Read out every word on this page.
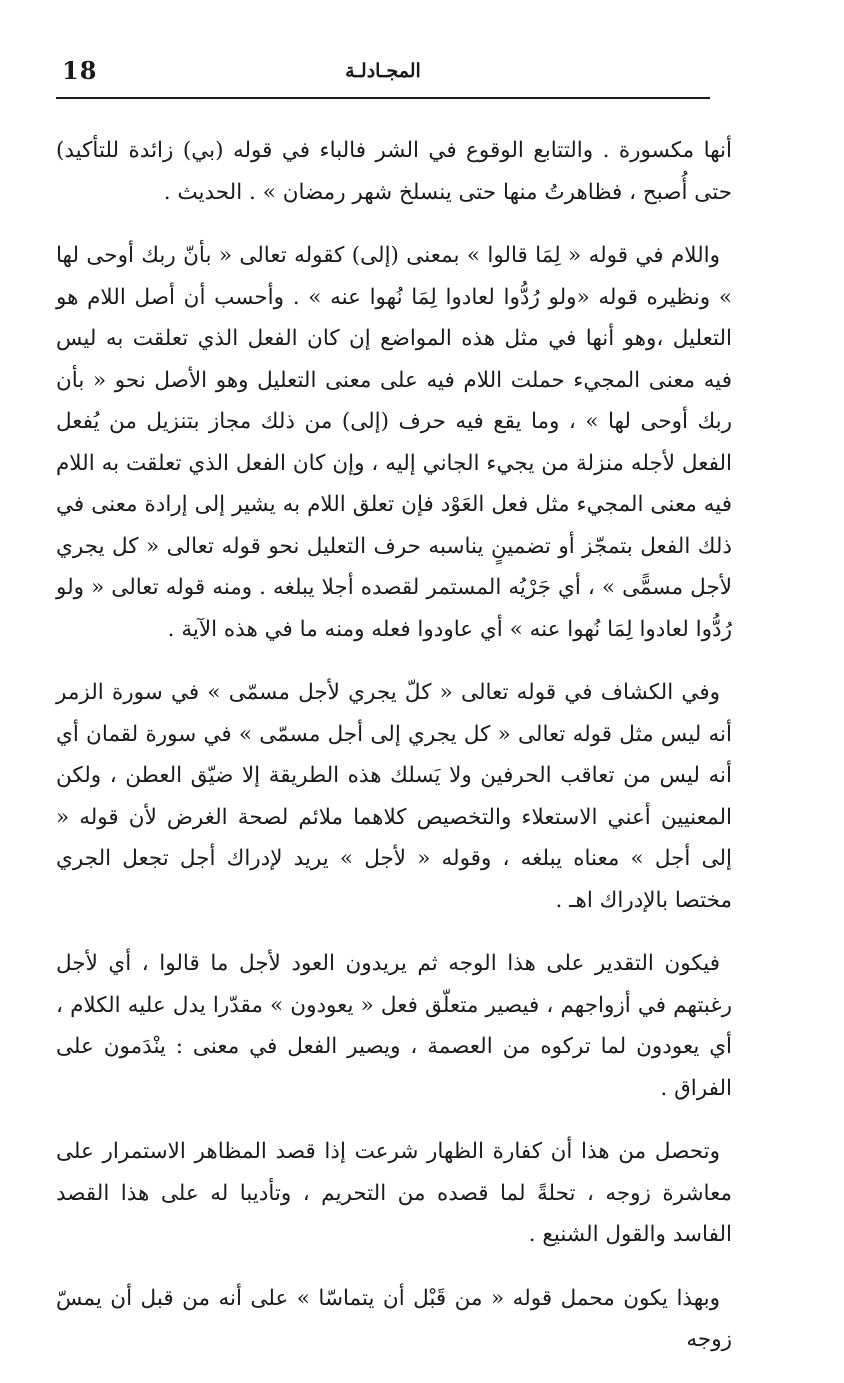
18	المجـادلـة

أنها مكسورة . والتتابع الوقوع في الشر فالباء في قوله (بي) زائدة للتأكيد) حتى أُصبح ، فظاهرتُ منها حتى ينسلخ شهر رمضان » . الحديث .

واللام في قوله « لِمَا قالوا » بمعنى (إلى) كقوله تعالى « بأنّ ربك أوحى لها » ونظيره قوله «ولو رُدُّوا لعادوا لِمَا نُهوا عنه » . وأحسب أن أصل اللام هو التعليل ،وهو أنها في مثل هذه المواضع إن كان الفعل الذي تعلقت به ليس فيه معنى المجيء حملت اللام فيه على معنى التعليل وهو الأصل نحو « بأن ربك أوحى لها » ، وما يقع فيه حرف (إلى) من ذلك مجاز بتنزيل من يُفعل الفعل لأجله منزلة من يجيء الجاني إليه ، وإن كان الفعل الذي تعلقت به اللام فيه معنى المجيء مثل فعل العَوْد فإن تعلق اللام به يشير إلى إرادة معنى في ذلك الفعل بتمجّز أو تضمينٍ يناسبه حرف التعليل نحو قوله تعالى « كل يجري لأجل مسمًّى » ، أي جَرْيُه المستمر لقصده أجلا يبلغه . ومنه قوله تعالى « ولو رُدُّوا لعادوا لِمَا نُهوا عنه » أي عاودوا فعله ومنه ما في هذه الآية .

وفي الكشاف في قوله تعالى « كلّ يجري لأجل مسمّى » في سورة الزمر أنه ليس مثل قوله تعالى « كل يجري إلى أجل مسمّى » في سورة لقمان أي أنه ليس من تعاقب الحرفين ولا يَسلك هذه الطريقة إلا ضيّق العطن ، ولكن المعنيين أعني الاستعلاء والتخصيص كلاهما ملائم لصحة الغرض لأن قوله « إلى أجل » معناه يبلغه ، وقوله « لأجل » يريد لإدراك أجل تجعل الجري مختصا بالإدراك اهـ .

فيكون التقدير على هذا الوجه ثم يريدون العود لأجل ما قالوا ، أي لأجل رغبتهم في أزواجهم ، فيصير متعلّق فعل « يعودون » مقدّرا يدل عليه الكلام ، أي يعودون لما تركوه من العصمة ، ويصير الفعل في معنى : ينْدَمون على الفراق .

وتحصل من هذا أن كفارة الظهار شرعت إذا قصد المظاهر الاستمرار على معاشرة زوجه ، تحلةً لما قصده من التحريم ، وتأديبا له على هذا القصد الفاسد والقول الشنيع .

وبهذا يكون محمل قوله « من قَبْل أن يتماسّا » على أنه من قبل أن يمسّ زوجه
